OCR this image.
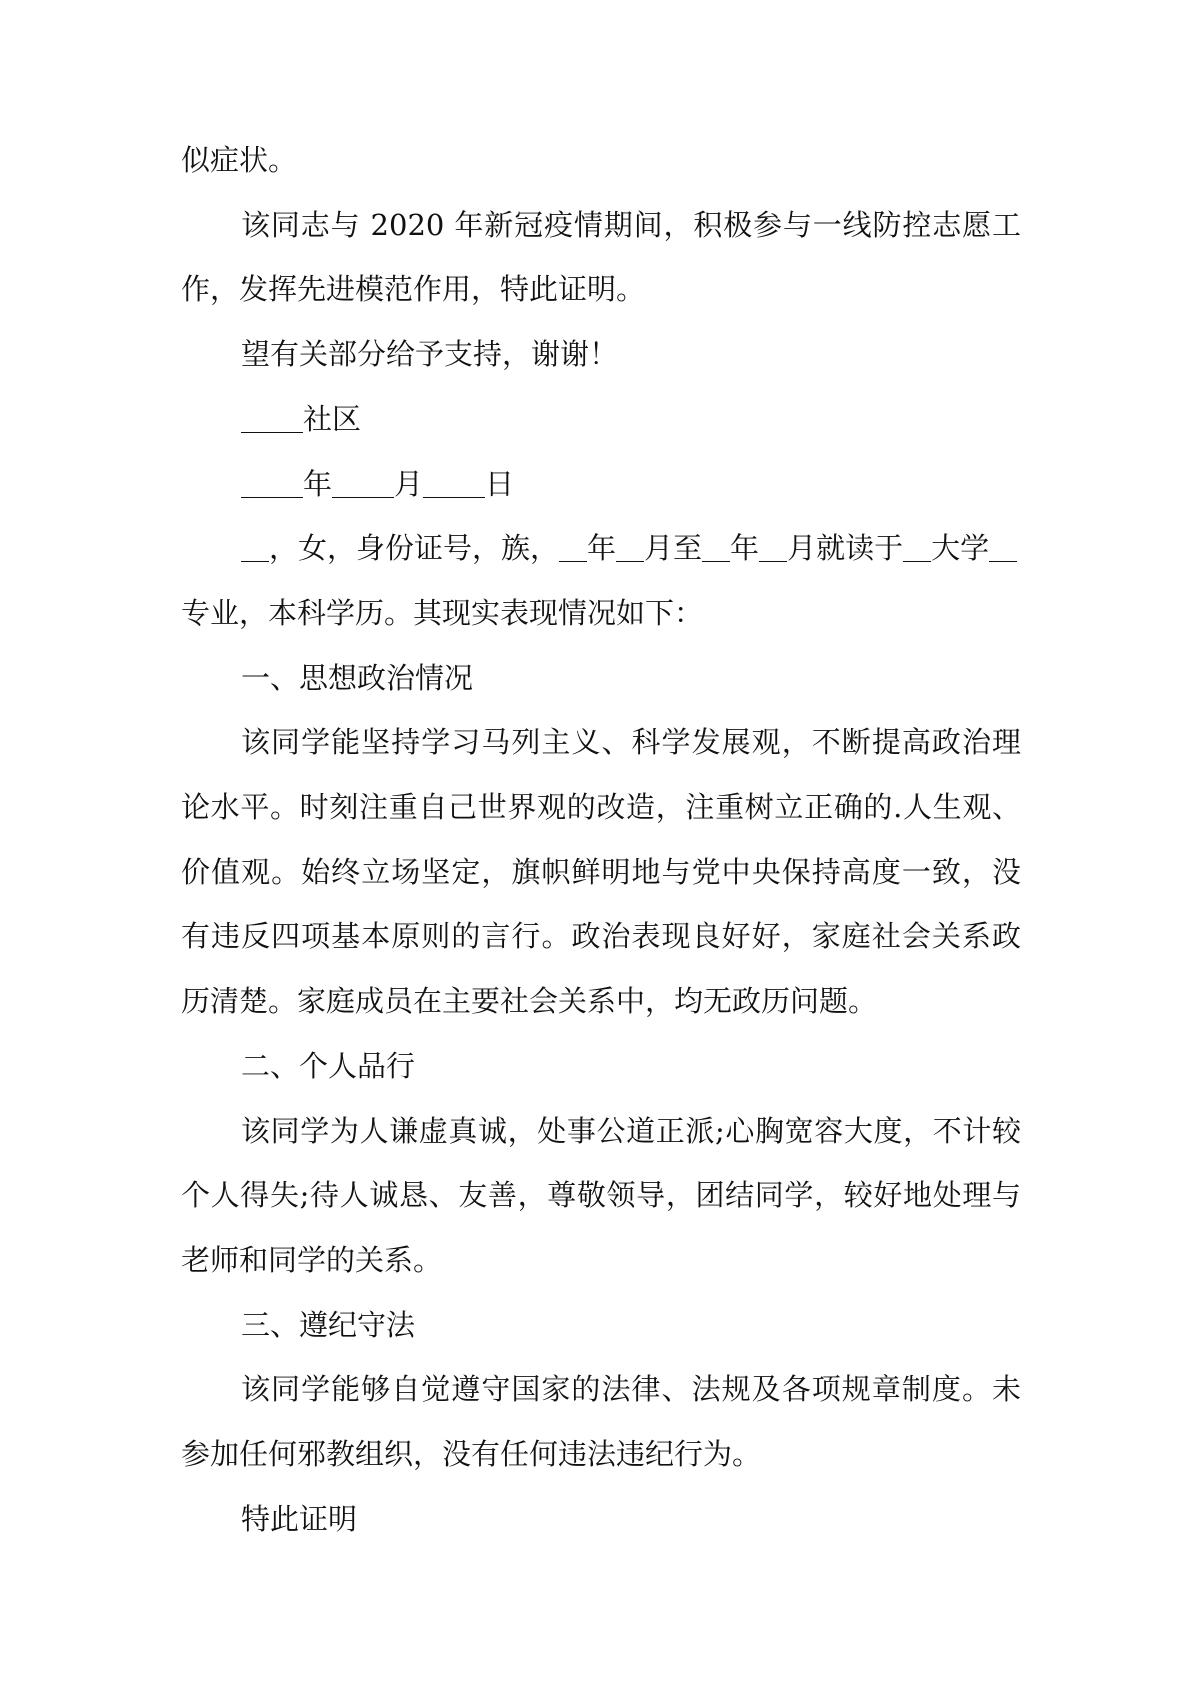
似症状。

该同志与 2020 年新冠疫情期间，积极参与一线防控志愿工作，发挥先进模范作用，特此证明。

望有关部分给予支持，谢谢！

社区

年 月 日

，女，身份证号，族， 年 月至 年 月就读于 大学
专业，本科学历。其现实表现情况如下：

一、思想政治情况

该同学能坚持学习马列主义、科学发展观，不断提高政治理论水平。时刻注重自己世界观的改造，注重树立正确的.人生观、价值观。始终立场坚定，旗帜鲜明地与党中央保持高度一致，没有违反四项基本原则的言行。政治表现良好好，家庭社会关系政历清楚。家庭成员在主要社会关系中，均无政历问题。

二、个人品行

该同学为人谦虚真诚，处事公道正派;心胸宽容大度，不计较个人得失;待人诚恳、友善，尊敬领导，团结同学，较好地处理与老师和同学的关系。

三、遵纪守法

该同学能够自觉遵守国家的法律、法规及各项规章制度。未参加任何邪教组织，没有任何违法违纪行为。

特此证明
